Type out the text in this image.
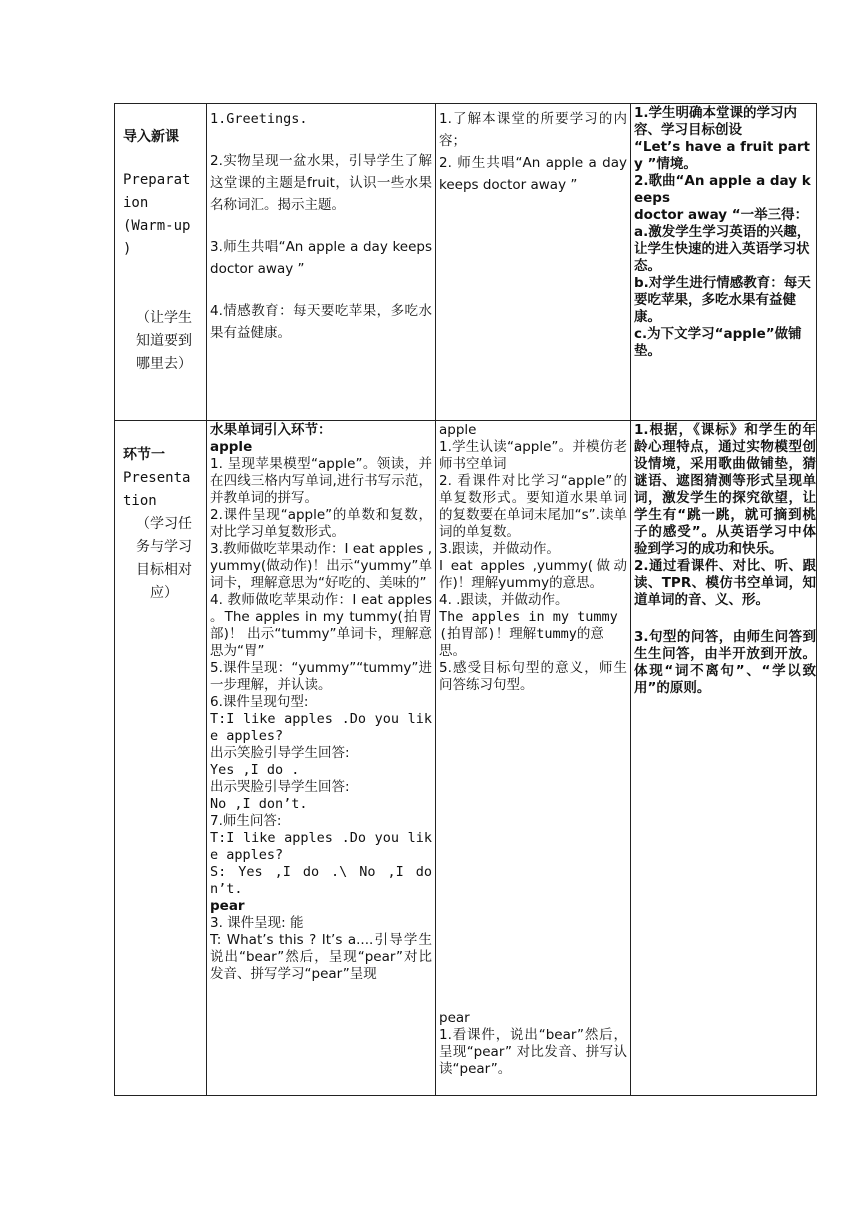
导入新课
Preparat
ion
(Warm-up
)
（让学生
知道要到
哪里去）
1.Greetings.
2.实物呈现一盆水果，引导学生了解这堂课的主题是fruit，认识一些水果名称词汇。揭示主题。
3.师生共唱“An apple a day keeps doctor away ”
4.情感教育：每天要吃苹果，多吃水果有益健康。
1.了解本课堂的所要学习的内容；
2. 师生共唱“An apple a day keeps doctor away ”
1.学生明确本堂课的学习内容、学习目标创设
“Let’s have a fruit party ”情境。
2.歌曲“An apple a day keeps
doctor away “一举三得：
a.激发学生学习英语的兴趣，让学生快速的进入英语学习状态。
b.对学生进行情感教育：每天要吃苹果，多吃水果有益健康。
c.为下文学习“apple”做铺垫。
环节一
Presenta
tion
（学习任
务与学习
目标相对
应）
水果单词引入环节：
apple
1. 呈现苹果模型“apple”。领读，并在四线三格内写单词,进行书写示范，并教单词的拼写。
2.课件呈现“apple”的单数和复数，对比学习单复数形式。
3.教师做吃苹果动作：I eat apples ,yummy(做动作)！出示“yummy”单词卡，理解意思为“好吃的、美味的”
4. 教师做吃苹果动作：I eat apples 。The apples in my tummy(拍胃部)！ 出示“tummy”单词卡，理解意思为“胃”
5.课件呈现：“yummy”“tummy”进一步理解，并认读。
6.课件呈现句型:
T:I like apples .Do you like apples?
出示笑脸引导学生回答:
Yes ,I do .
出示哭脸引导学生回答:
No ,I don’t.
7.师生问答:
T:I like apples .Do you like apples?
S: Yes ,I do .\ No ,I don’t.
pear
3. 课件呈现: 能
T: What’s this ? It’s a....引导学生说出“bear”然后，呈现“pear”对比发音、拼写学习“pear”呈现
apple
1.学生认读“apple”。并模仿老师书空单词
2. 看课件对比学习“apple”的单复数形式。要知道水果单词的复数要在单词末尾加“s”.读单词的单复数。
3.跟读，并做动作。
I eat apples ,yummy(做动作)！理解yummy的意思。
4. .跟读，并做动作。
The apples in my tummy(拍胃部)！理解tummy的意思。
5.感受目标句型的意义，师生问答练习句型。
pear
1.看课件，说出“bear”然后，呈现“pear” 对比发音、拼写认读“pear”。
1.根据，《课标》和学生的年龄心理特点，通过实物模型创设情境，采用歌曲做铺垫，猜谜语、遮图猜测等形式呈现单词，激发学生的探究欲望，让学生有“跳一跳，就可摘到桃子的感受”。从英语学习中体验到学习的成功和快乐。
2.通过看课件、对比、听、跟读、TPR、模仿书空单词，知道单词的音、义、形。
3.句型的问答，由师生问答到生生问答，由半开放到开放。体现“词不离句”、“学以致用”的原则。
